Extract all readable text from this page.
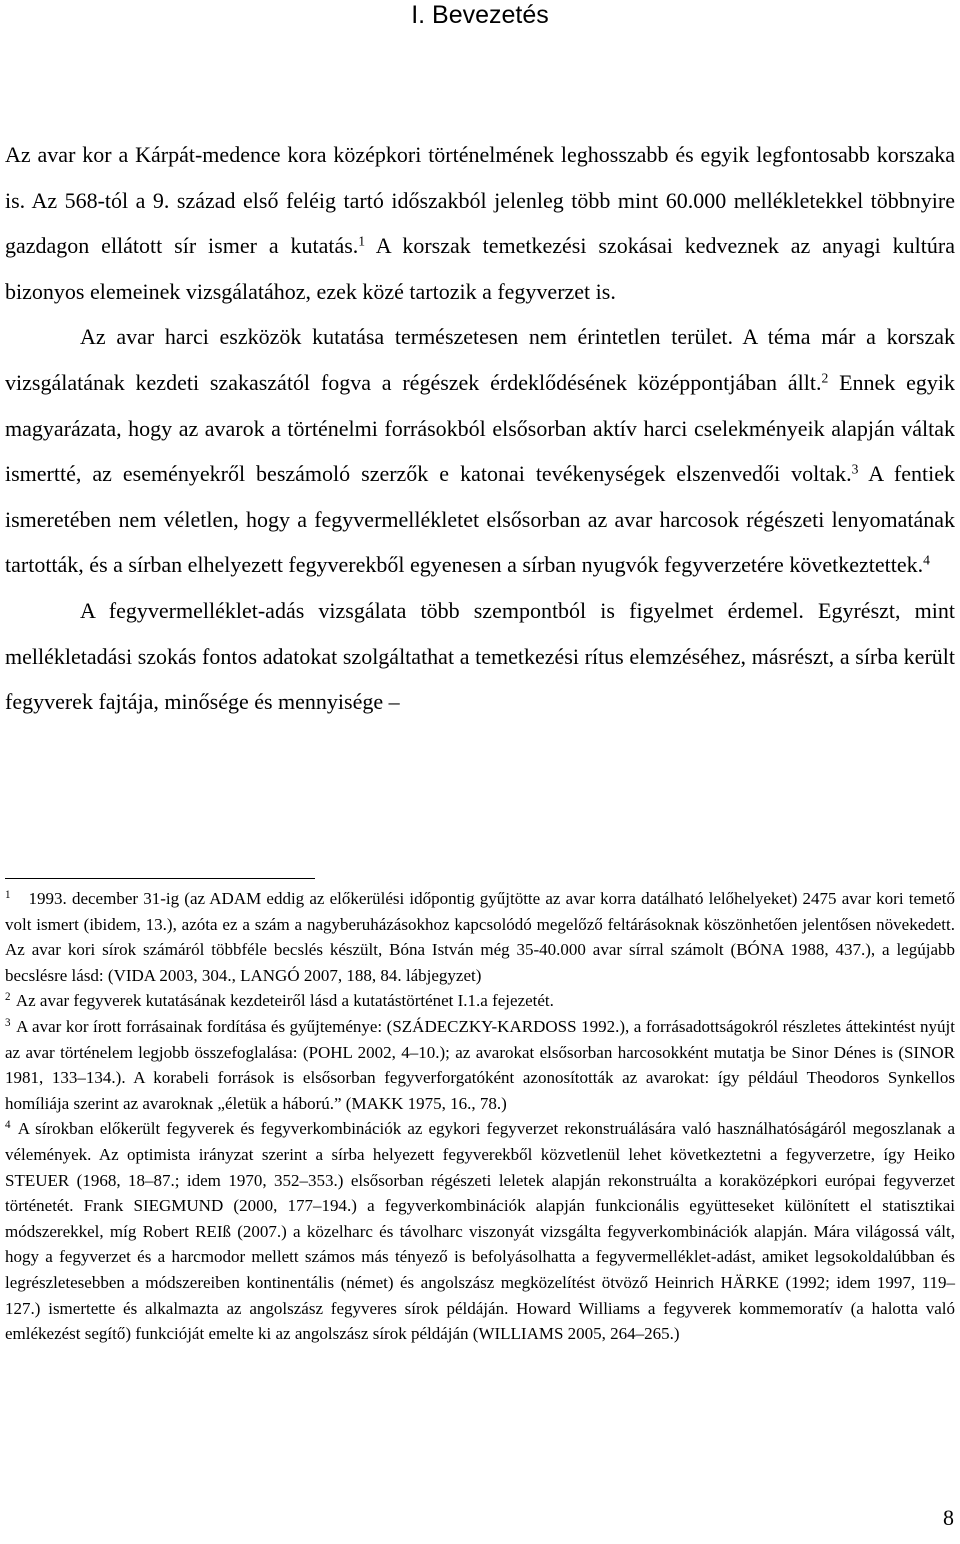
I. Bevezetés

Az avar kor a Kárpát-medence kora középkori történelmének leghosszabb és egyik legfontosabb korszaka is. Az 568-tól a 9. század első feléig tartó időszakból jelenleg több mint 60.000 mellékletekkel többnyire gazdagon ellátott sír ismer a kutatás.$^1$ A korszak temetkezési szokásai kedveznek az anyagi kultúra bizonyos elemeinek vizsgálatához, ezek közé tartozik a fegyverzet is.

Az avar harci eszközök kutatása természetesen nem érintetlen terület. A téma már a korszak vizsgálatának kezdeti szakaszától fogva a régészek érdeklődésének középpontjában állt.$^2$ Ennek egyik magyarázata, hogy az avarok a történelmi forrásokból elsősorban aktív harci cselekményeik alapján váltak ismertté, az eseményekről beszámoló szerzők e katonai tevékenységek elszenvedői voltak.$^3$ A fentiek ismeretében nem véletlen, hogy a fegyvermellékletet elsősorban az avar harcosok régészeti lenyomatának tartották, és a sírban elhelyezett fegyverekből egyenesen a sírban nyugvók fegyverzetére következtettek.$^4$

A fegyvermelléklet-adás vizsgálata több szempontból is figyelmet érdemel. Egyrészt, mint mellékletadási szokás fontos adatokat szolgáltathat a temetkezési rítus elemzéséhez, másrészt, a sírba került fegyverek fajtája, minősége és mennyisége –

$^1$ 1993. december 31-ig (az ADAM eddig az előkerülési időpontig gyűjtötte az avar korra datálható lelőhelyeket) 2475 avar kori temető volt ismert (ibidem, 13.), azóta ez a szám a nagyberuházásokhoz kapcsolódó megelőző feltárásoknak köszönhetően jelentősen növekedett. Az avar kori sírok számáról többféle becslés készült, Bóna István még 35-40.000 avar sírral számolt (BÓNA 1988, 437.), a legújabb becslésre lásd: (VIDA 2003, 304., LANGÓ 2007, 188, 84. lábjegyzet)

$^2$ Az avar fegyverek kutatásának kezdeteiről lásd a kutatástörténet I.1.a fejezetét.

$^3$ A avar kor írott forrásainak fordítása és gyűjteménye: (SZÁDECZKY-KARDOSS 1992.), a forrásadottságokról részletes áttekintést nyújt az avar történelem legjobb összefoglalása: (POHL 2002, 4–10.); az avarokat elsősorban harcosokként mutatja be Sinor Dénes is (SINOR 1981, 133–134.). A korabeli források is elsősorban fegyverforgatóként azonosították az avarokat: így például Theodoros Synkellos homíliája szerint az avaroknak „életük a háború.” (MAKK 1975, 16., 78.)

$^4$ A sírokban előkerült fegyverek és fegyverkombinációk az egykori fegyverzet rekonstruálására való használhatóságáról megoszlanak a vélemények. Az optimista irányzat szerint a sírba helyezett fegyverekből közvetlenül lehet következtetni a fegyverzetre, így Heiko STEUER (1968, 18–87.; idem 1970, 352–353.) elsősorban régészeti leletek alapján rekonstruálta a koraközépkori európai fegyverzet történetét. Frank SIEGMUND (2000, 177–194.) a fegyverkombinációk alapján funkcionális együtteseket különített el statisztikai módszerekkel, míg Robert REIß (2007.) a közelharc és távolharc viszonyát vizsgálta fegyverkombinációk alapján. Mára világossá vált, hogy a fegyverzet és a harcmodor mellett számos más tényező is befolyásolhatta a fegyvermelléklet-adást, amiket legsokoldalúbban és legrészletesebben a módszereiben kontinentális (német) és angolszász megközelítést ötvöző Heinrich HÄRKE (1992; idem 1997, 119–127.) ismertette és alkalmazta az angolszász fegyveres sírok példáján. Howard Williams a fegyverek kommemoratív (a halotta való emlékezést segítő) funkcióját emelte ki az angolszász sírok példáján (WILLIAMS 2005, 264–265.)

8
